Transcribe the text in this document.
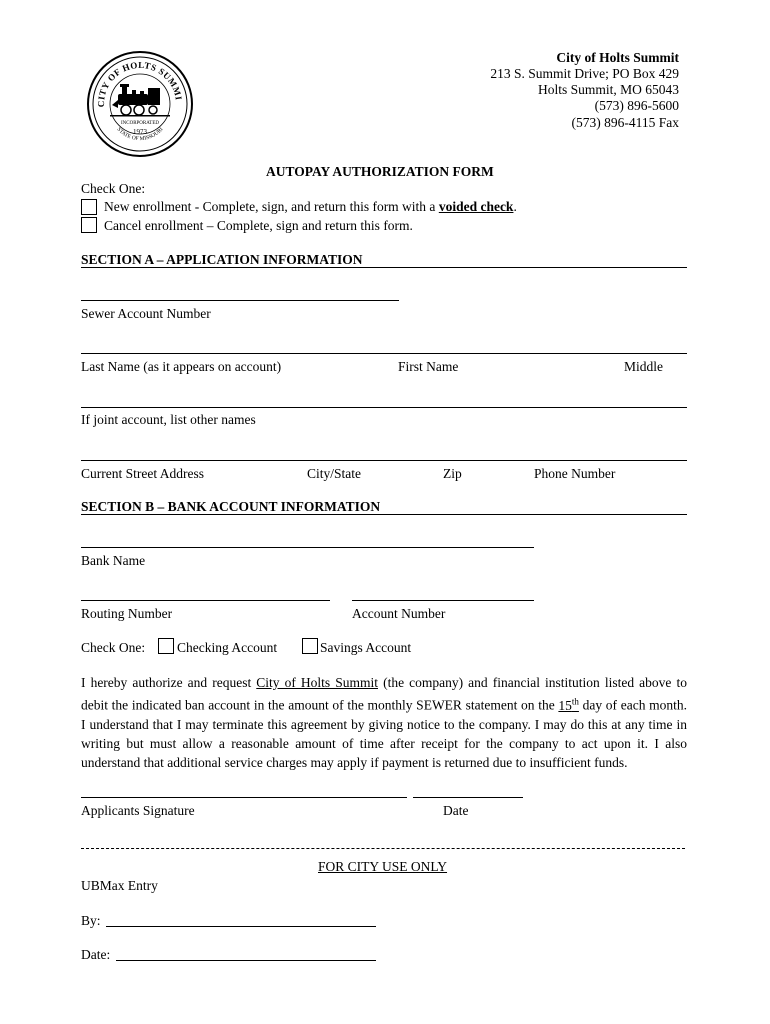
CITY OF HOLTS SUMMI
INCORPORATED
1973
STATE OF MISSOURI
City of Holts Summit
213 S. Summit Drive; PO Box 429
Holts Summit, MO 65043
(573) 896-5600
(573) 896-4115 Fax
AUTOPAY AUTHORIZATION FORM
Check One:
New enrollment - Complete, sign, and return this form with a voided check.
Cancel enrollment – Complete, sign and return this form.
SECTION A – APPLICATION INFORMATION
Sewer Account Number
Last Name (as it appears on account)	First Name	Middle
If joint account, list other names
Current Street Address	City/State	Zip	Phone Number
SECTION B – BANK ACCOUNT INFORMATION
Bank Name
Routing Number	Account Number
Check One: Checking Account	Savings Account
I hereby authorize and request City of Holts Summit (the company) and financial institution listed above to debit the indicated ban account in the amount of the monthly SEWER statement on the 15th day of each month. I understand that I may terminate this agreement by giving notice to the company. I may do this at any time in writing but must allow a reasonable amount of time after receipt for the company to act upon it. I also understand that additional service charges may apply if payment is returned due to insufficient funds.
Applicants Signature	Date
FOR CITY USE ONLY
UBMax Entry
By:
Date:
